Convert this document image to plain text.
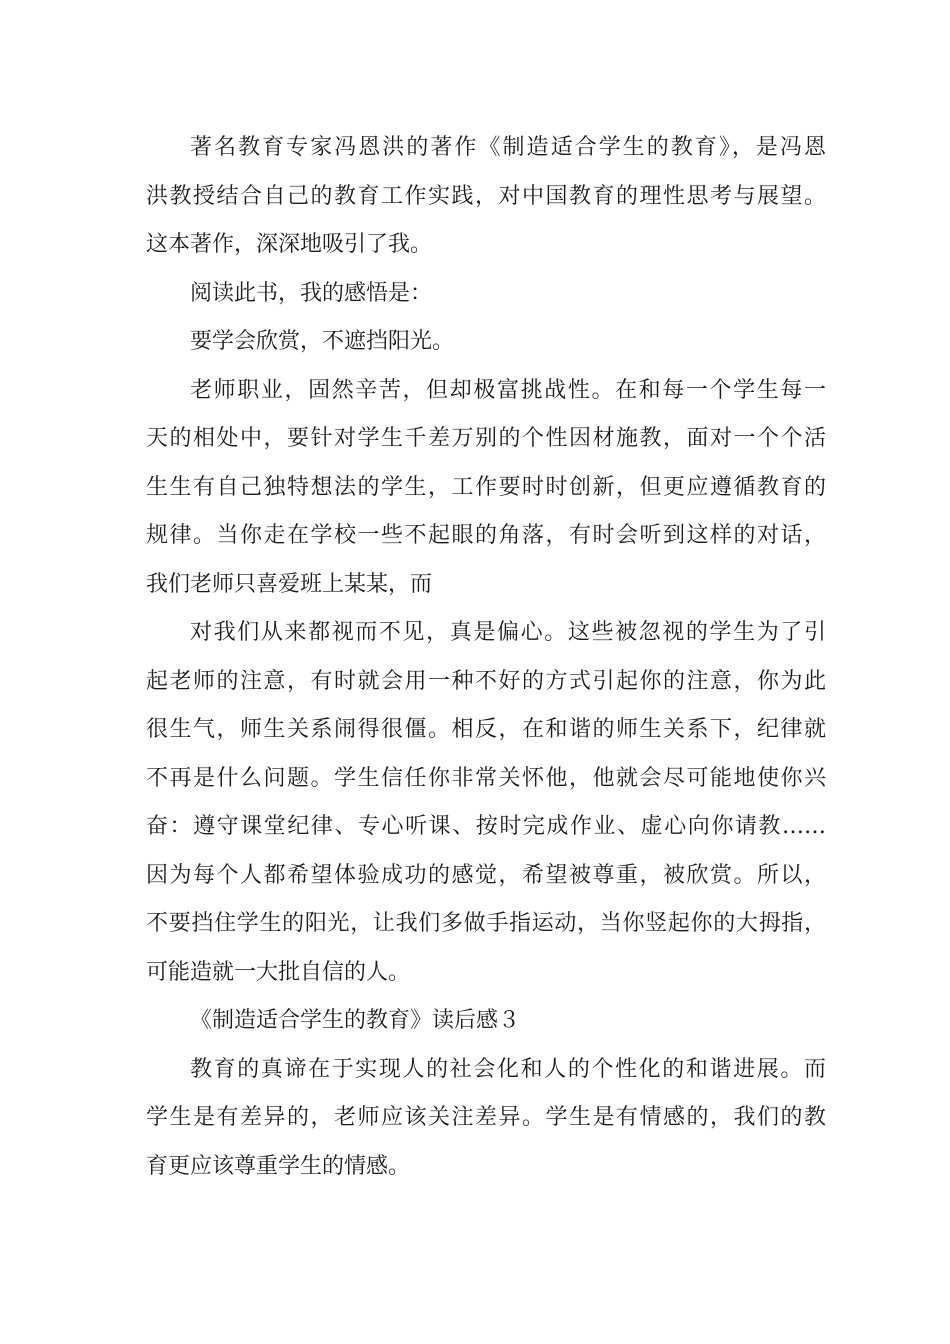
著名教育专家冯恩洪的著作《制造适合学生的教育》，是冯恩
洪教授结合自己的教育工作实践，对中国教育的理性思考与展望。
这本著作，深深地吸引了我。

阅读此书，我的感悟是：

要学会欣赏，不遮挡阳光。

老师职业，固然辛苦，但却极富挑战性。在和每一个学生每一
天的相处中，要针对学生千差万别的个性因材施教，面对一个个活
生生有自己独特想法的学生，工作要时时创新，但更应遵循教育的
规律。当你走在学校一些不起眼的角落，有时会听到这样的对话，
我们老师只喜爱班上某某，而

对我们从来都视而不见，真是偏心。这些被忽视的学生为了引
起老师的注意，有时就会用一种不好的方式引起你的注意，你为此
很生气，师生关系闹得很僵。相反，在和谐的师生关系下，纪律就
不再是什么问题。学生信任你非常关怀他，他就会尽可能地使你兴
奋：遵守课堂纪律、专心听课、按时完成作业、虚心向你请教……
因为每个人都希望体验成功的感觉，希望被尊重，被欣赏。所以，
不要挡住学生的阳光，让我们多做手指运动，当你竖起你的大拇指，
可能造就一大批自信的人。

《制造适合学生的教育》读后感３

教育的真谛在于实现人的社会化和人的个性化的和谐进展。而
学生是有差异的，老师应该关注差异。学生是有情感的，我们的教
育更应该尊重学生的情感。
